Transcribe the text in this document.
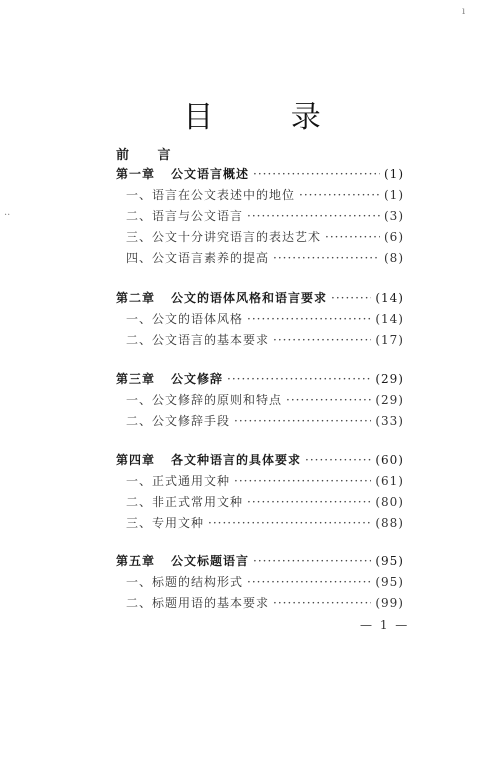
ı
··
目 录
前 言
第一章 公文语言概述 ·····	(1)
一、语言在公文表述中的地位 ·····	(1)
二、语言与公文语言 ·····	(3)
三、公文十分讲究语言的表达艺术 ·····	(6)
四、公文语言素养的提高 ·····	(8)
第二章 公文的语体风格和语言要求 ·····	(14)
一、公文的语体风格 ·····	(14)
二、公文语言的基本要求 ·····	(17)
第三章 公文修辞 ·····	(29)
一、公文修辞的原则和特点 ·····	(29)
二、公文修辞手段 ·····	(33)
第四章 各文种语言的具体要求 ·····	(60)
一、正式通用文种 ·····	(61)
二、非正式常用文种 ·····	(80)
三、专用文种 ·····	(88)
第五章 公文标题语言 ·····	(95)
一、标题的结构形式 ·····	(95)
二、标题用语的基本要求 ·····	(99)
— 1 —
